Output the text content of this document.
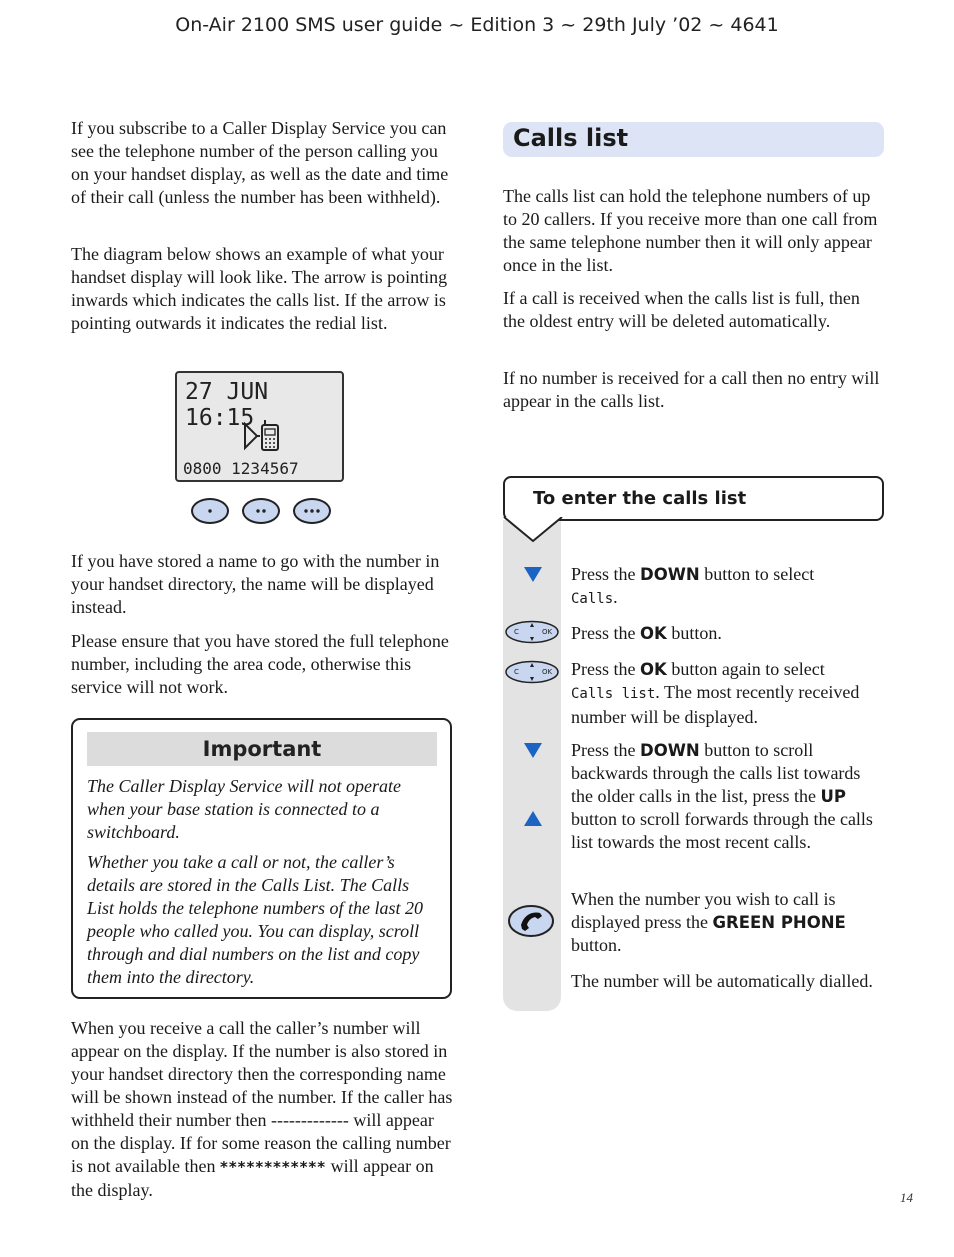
On-Air 2100 SMS user guide ~ Edition 3 ~ 29th July ’02 ~ 4641

If you subscribe to a Caller Display Service you can see the telephone number of the person calling you on your handset display, as well as the date and time of their call (unless the number has been withheld).

The diagram below shows an example of what your handset display will look like. The arrow is pointing inwards which indicates the calls list. If the arrow is pointing outwards it indicates the redial list.

27 JUN 16:15
0800 1234567

If you have stored a name to go with the number in your handset directory, the name will be displayed instead.

Please ensure that you have stored the full telephone number, including the area code, otherwise this service will not work.

Important

The Caller Display Service will not operate when your base station is connected to a switchboard.

Whether you take a call or not, the caller’s details are stored in the Calls List. The Calls List holds the telephone numbers of the last 20 people who called you. You can display, scroll through and dial numbers on the list and copy them into the directory.

When you receive a call the caller’s number will appear on the display. If the number is also stored in your handset directory then the corresponding name will be shown instead of the number. If the caller has withheld their number then ------------- will appear on the display. If for some reason the calling number is not available then ************ will appear on the display.

Calls list

The calls list can hold the telephone numbers of up to 20 callers. If you receive more than one call from the same telephone number then it will only appear once in the list.

If a call is received when the calls list is full, then the oldest entry will be deleted automatically.

If no number is received for a call then no entry will appear in the calls list.

To enter the calls list
C	OK
C	OK

Press the DOWN button to select
Calls.

Press the OK button.

Press the OK button again to select
Calls list. The most recently received number will be displayed.

Press the DOWN button to scroll backwards through the calls list towards the older calls in the list, press the UP button to scroll forwards through the calls list towards the most recent calls.

When the number you wish to call is displayed press the GREEN PHONE
button.

The number will be automatically dialled.

14
